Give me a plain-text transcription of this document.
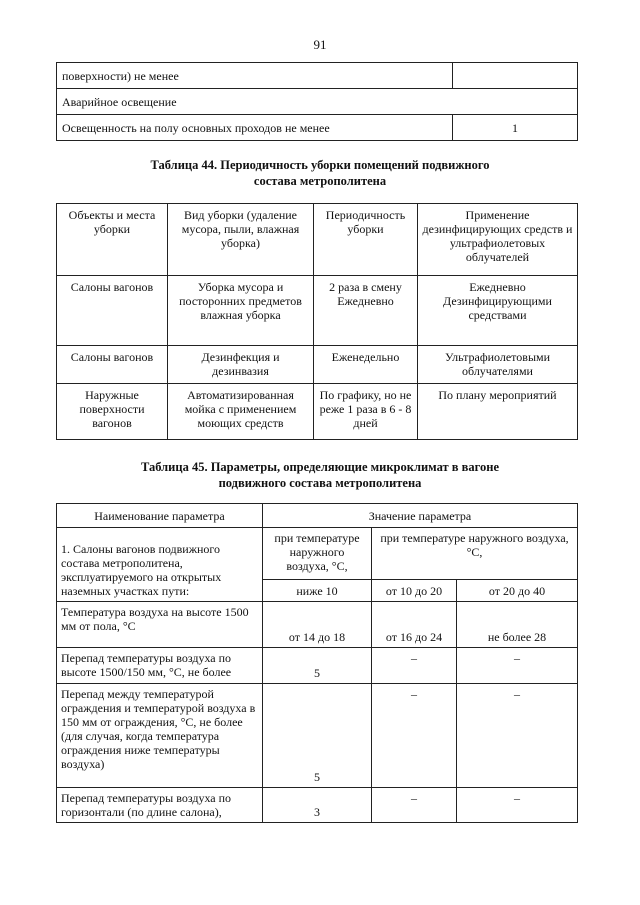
91
поверхности) не менее	
Аварийное освещение	
Освещенность на полу основных проходов не менее	1
Таблица 44. Периодичность уборки помещений подвижного состава метрополитена
Объекты и места уборки	Вид уборки (удаление мусора, пыли, влажная уборка)	Периодичность уборки	Применение дезинфицирующих средств и ультрафиолетовых облучателей
Салоны вагонов	Уборка мусора и посторонних предметов влажная уборка	2 раза в смену Ежедневно	Ежедневно Дезинфицирующими средствами
Салоны вагонов	Дезинфекция и дезинвазия	Еженедельно	Ультрафиолетовыми облучателями
Наружные поверхности вагонов	Автоматизированная мойка с применением моющих средств	По графику, но не реже 1 раза в 6 - 8 дней	По плану мероприятий
Таблица 45. Параметры, определяющие микроклимат в вагоне подвижного состава метрополитена
Наименование параметра	Значение параметра		
1. Салоны вагонов подвижного состава метрополитена, эксплуатируемого на открытых наземных участках пути:	при температуре наружного воздуха, °С,	при температуре наружного воздуха, °С,	
	ниже 10	от 10 до 20	от 20 до 40
Температура воздуха на высоте 1500 мм от пола, °С	от 14 до 18	от 16 до 24	не более 28
Перепад температуры воздуха по высоте 1500/150 мм, °С, не более	5	–	–
Перепад между температурой ограждения и температурой воздуха в 150 мм от ограждения, °С, не более (для случая, когда температура ограждения ниже температуры воздуха)	5	–	–
Перепад температуры воздуха по горизонтали (по длине салона),	3	–	–
